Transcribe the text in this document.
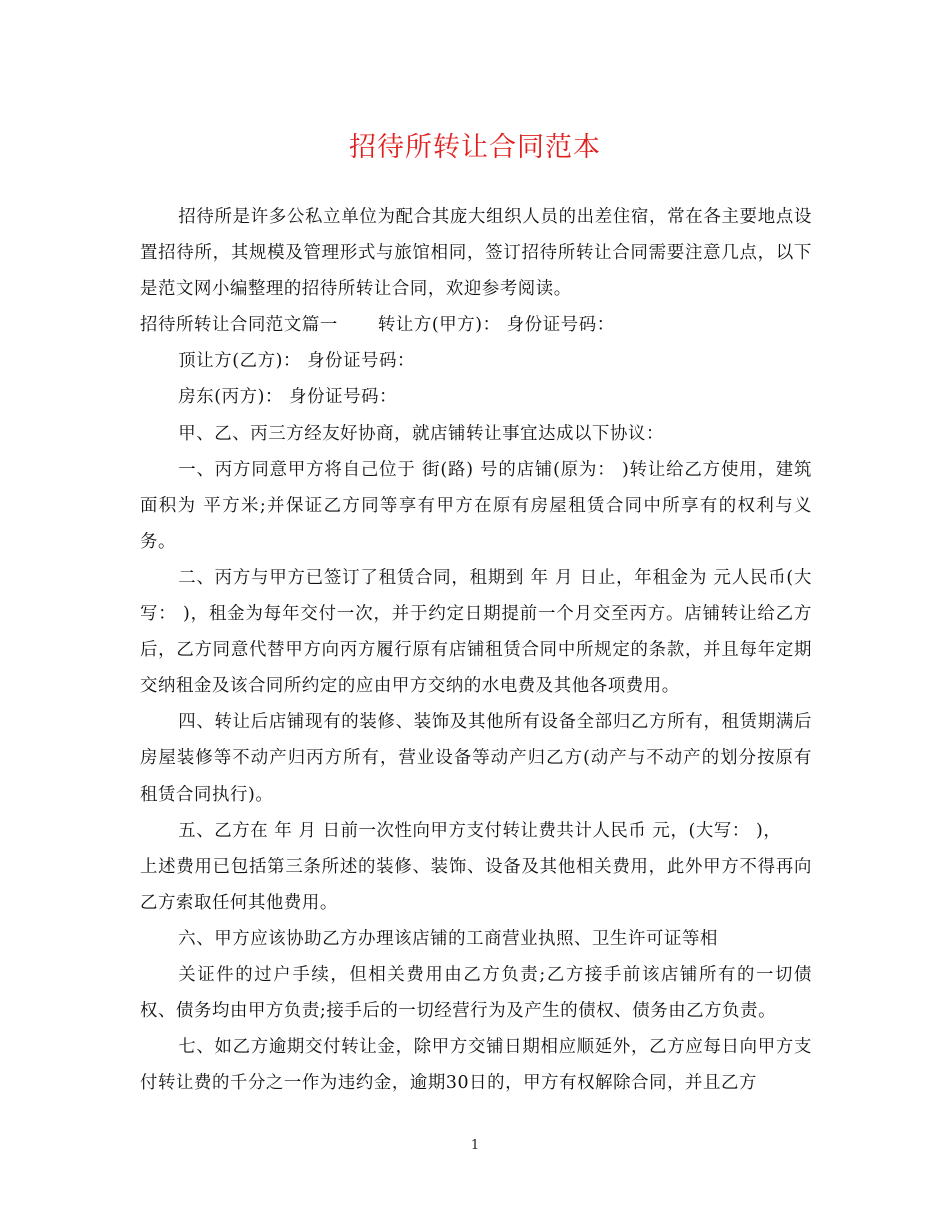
招待所转让合同范本

招待所是许多公私立单位为配合其庞大组织人员的出差住宿，常在各主要地点设置招待所，其规模及管理形式与旅馆相同，签订招待所转让合同需要注意几点，以下是范文网小编整理的招待所转让合同，欢迎参考阅读。

招待所转让合同范文篇一 转让方(甲方)： 身份证号码：

顶让方(乙方)： 身份证号码：

房东(丙方)： 身份证号码：

甲、乙、丙三方经友好协商，就店铺转让事宜达成以下协议：

一、丙方同意甲方将自己位于 街(路) 号的店铺(原为： )转让给乙方使用，建筑面积为 平方米;并保证乙方同等享有甲方在原有房屋租赁合同中所享有的权利与义务。

二、丙方与甲方已签订了租赁合同，租期到 年 月 日止，年租金为 元人民币(大写： )，租金为每年交付一次，并于约定日期提前一个月交至丙方。店铺转让给乙方后，乙方同意代替甲方向丙方履行原有店铺租赁合同中所规定的条款，并且每年定期交纳租金及该合同所约定的应由甲方交纳的水电费及其他各项费用。

四、转让后店铺现有的装修、装饰及其他所有设备全部归乙方所有，租赁期满后房屋装修等不动产归丙方所有，营业设备等动产归乙方(动产与不动产的划分按原有租赁合同执行)。

五、乙方在 年 月 日前一次性向甲方支付转让费共计人民币 元，(大写： )，

上述费用已包括第三条所述的装修、装饰、设备及其他相关费用，此外甲方不得再向乙方索取任何其他费用。

六、甲方应该协助乙方办理该店铺的工商营业执照、卫生许可证等相

关证件的过户手续，但相关费用由乙方负责;乙方接手前该店铺所有的一切债权、债务均由甲方负责;接手后的一切经营行为及产生的债权、债务由乙方负责。

七、如乙方逾期交付转让金，除甲方交铺日期相应顺延外，乙方应每日向甲方支付转让费的千分之一作为违约金，逾期30日的，甲方有权解除合同，并且乙方

1
